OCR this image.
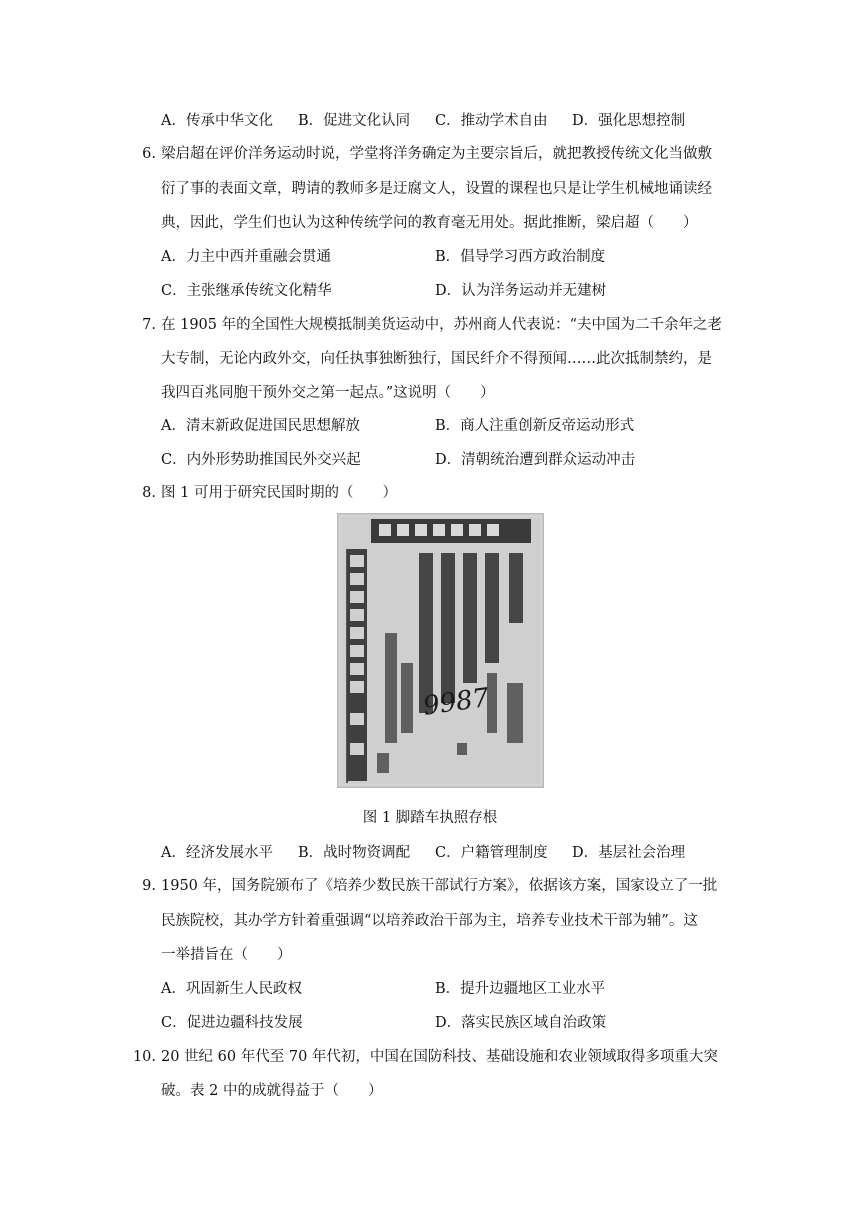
A．传承中华文化 B．促进文化认同 C．推动学术自由 D．强化思想控制
6. 梁启超在评价洋务运动时说，学堂将洋务确定为主要宗旨后，就把教授传统文化当做敷
衍了事的表面文章，聘请的教师多是迂腐文人，设置的课程也只是让学生机械地诵读经
典，因此，学生们也认为这种传统学问的教育毫无用处。据此推断，梁启超（　　）
A．力主中西并重融会贯通	B．倡导学习西方政治制度
C．主张继承传统文化精华	D．认为洋务运动并无建树
7. 在 1905 年的全国性大规模抵制美货运动中，苏州商人代表说：“夫中国为二千余年之老
大专制，无论内政外交，向任执事独断独行，国民纤介不得预闻……此次抵制禁约，是
我四百兆同胞干预外交之第一起点。”这说明（　　）
A．清末新政促进国民思想解放	B．商人注重创新反帝运动形式
C．内外形势助推国民外交兴起	D．清朝统治遭到群众运动冲击
8. 图 1 可用于研究民国时期的（　　）
9987
图 1 脚踏车执照存根
A．经济发展水平 B．战时物资调配 C．户籍管理制度 D．基层社会治理
9. 1950 年，国务院颁布了《培养少数民族干部试行方案》，依据该方案，国家设立了一批
民族院校，其办学方针着重强调“以培养政治干部为主，培养专业技术干部为辅”。这
一举措旨在（　　）
A．巩固新生人民政权	B．提升边疆地区工业水平
C．促进边疆科技发展	D．落实民族区域自治政策
10. 20 世纪 60 年代至 70 年代初，中国在国防科技、基础设施和农业领域取得多项重大突
破。表 2 中的成就得益于（　　）
